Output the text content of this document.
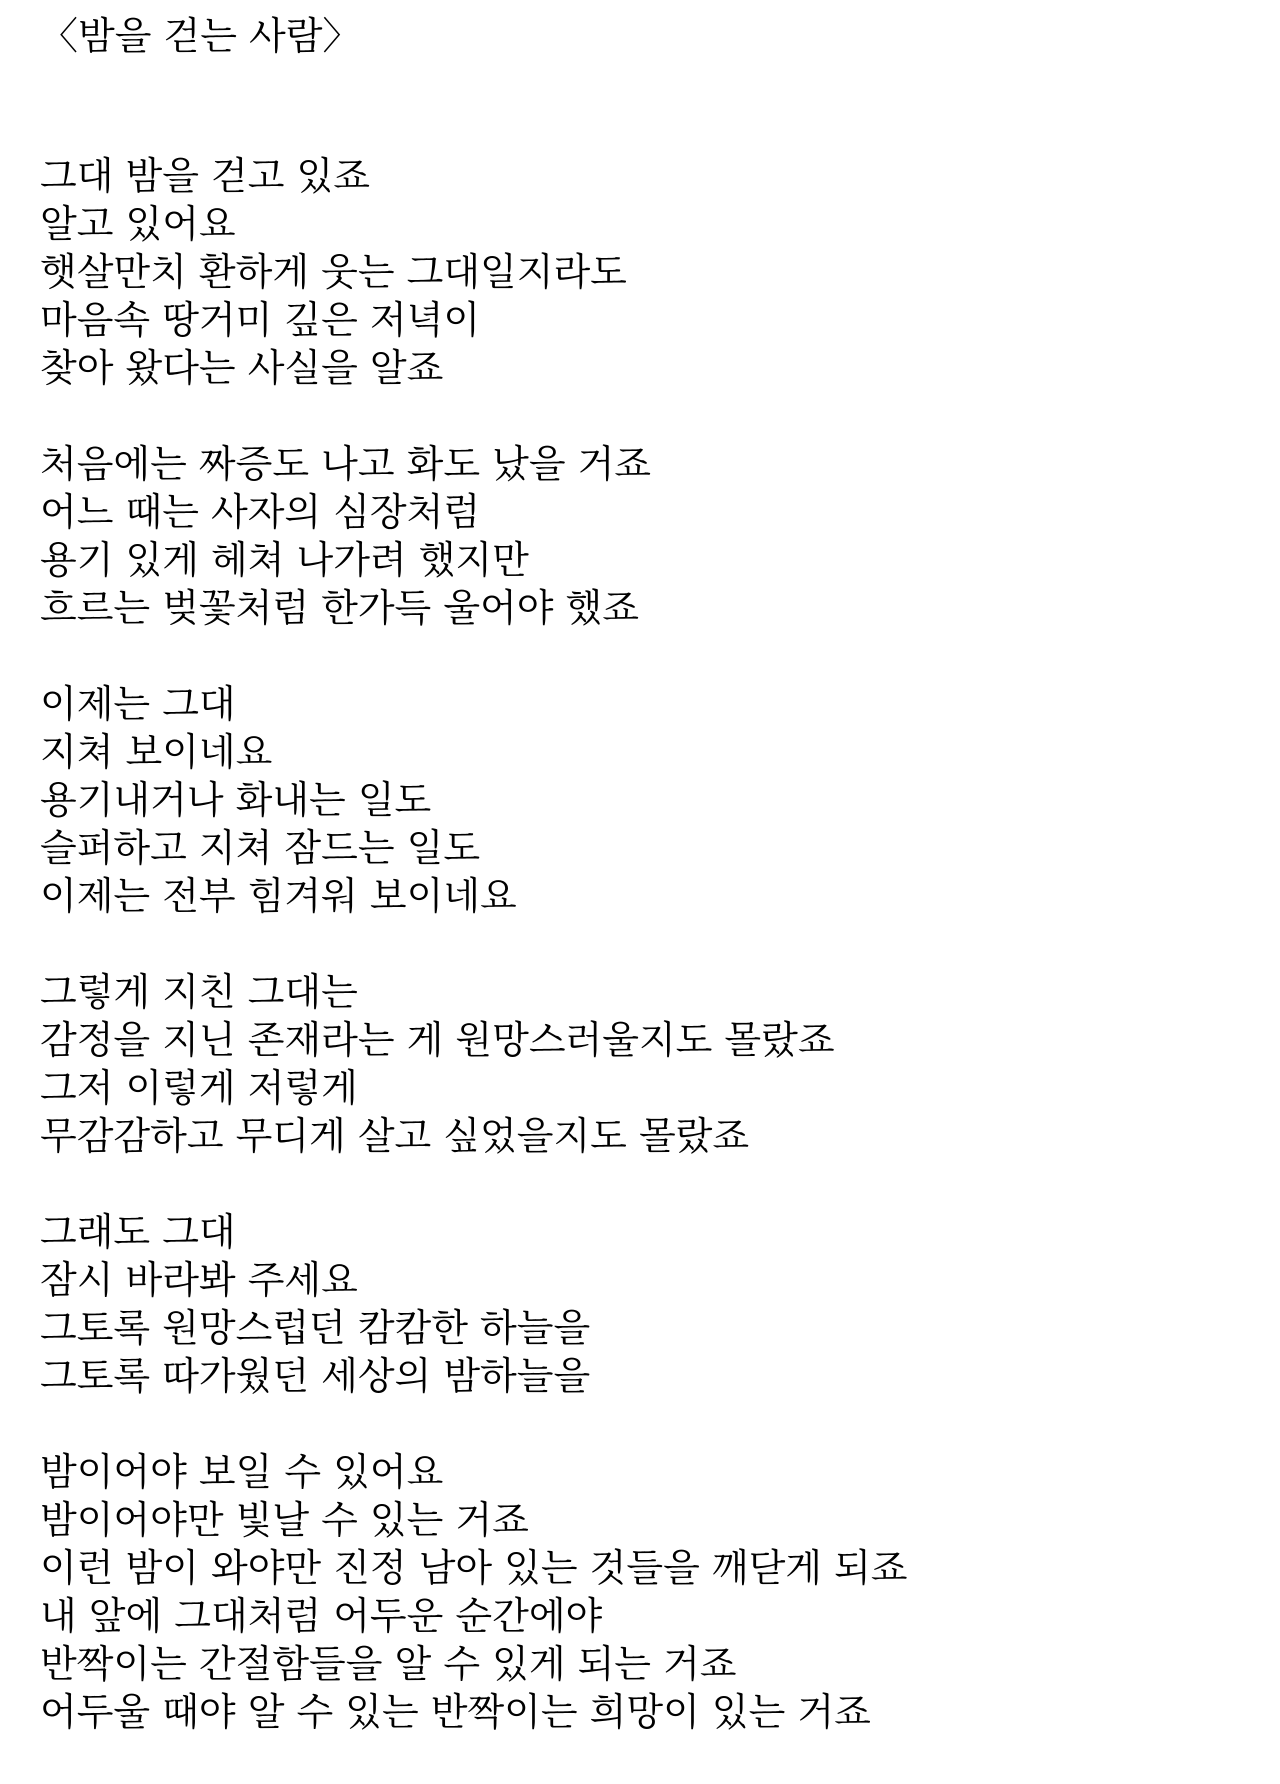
〈밤을 걷는 사람〉
그대 밤을 걷고 있죠
알고 있어요
햇살만치 환하게 웃는 그대일지라도
마음속 땅거미 깊은 저녁이
찾아 왔다는 사실을 알죠
처음에는 짜증도 나고 화도 났을 거죠
어느 때는 사자의 심장처럼
용기 있게 헤쳐 나가려 했지만
흐르는 벚꽃처럼 한가득 울어야 했죠
이제는 그대
지쳐 보이네요
용기내거나 화내는 일도
슬퍼하고 지쳐 잠드는 일도
이제는 전부 힘겨워 보이네요
그렇게 지친 그대는
감정을 지닌 존재라는 게 원망스러울지도 몰랐죠
그저 이렇게 저렇게
무감감하고 무디게 살고 싶었을지도 몰랐죠
그래도 그대
잠시 바라봐 주세요
그토록 원망스럽던 캄캄한 하늘을
그토록 따가웠던 세상의 밤하늘을
밤이어야 보일 수 있어요
밤이어야만 빛날 수 있는 거죠
이런 밤이 와야만 진정 남아 있는 것들을 깨닫게 되죠
내 앞에 그대처럼 어두운 순간에야
반짝이는 간절함들을 알 수 있게 되는 거죠
어두울 때야 알 수 있는 반짝이는 희망이 있는 거죠
